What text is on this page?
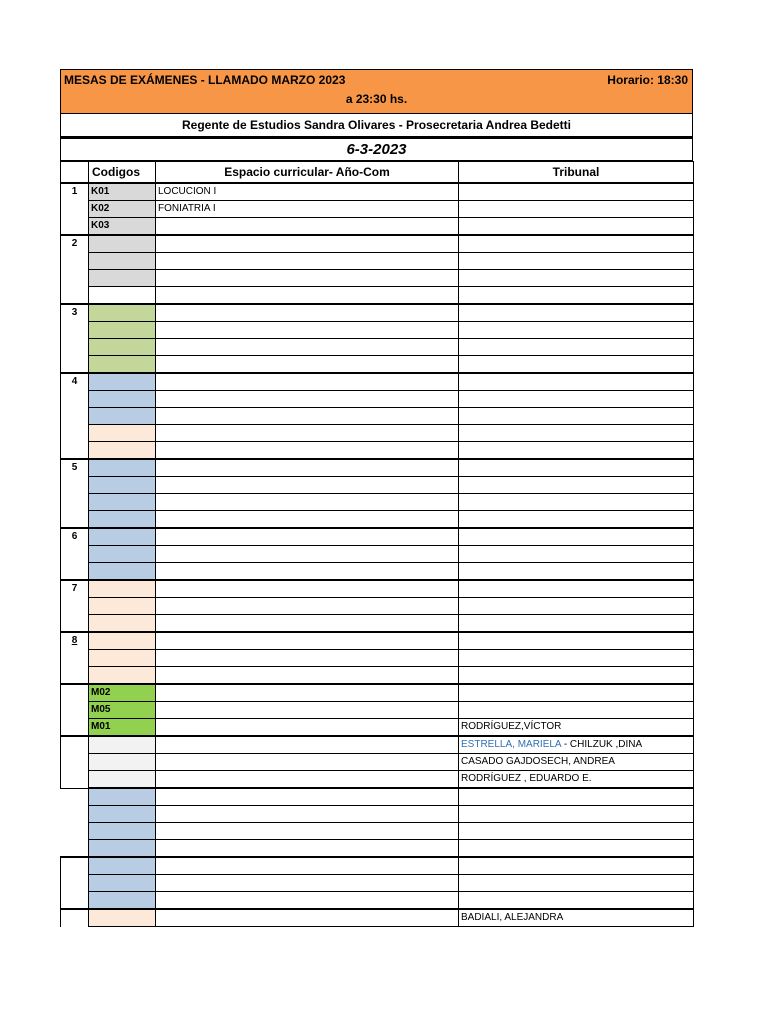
MESAS DE EXÁMENES - LLAMADO MARZO 2023	Horario: 18:30
a 23:30 hs.
Regente de Estudios Sandra Olivares - Prosecretaria Andrea Bedetti
6-3-2023
	Codigos	Espacio curricular- Año-Com	Tribunal
1	K01	LOCUCION I	
	K02	FONIATRIA I	
	K03		
2			

3			

4			

5			

6			

7			

8			

	M02		
	M05		
	M01		RODRÍGUEZ,VÍCTOR
			ESTRELLA, MARIELA - CHILZUK ,DINA
			CASADO GAJDOSECH, ANDREA
			RODRÍGUEZ , EDUARDO E.

			BADIALI, ALEJANDRA
